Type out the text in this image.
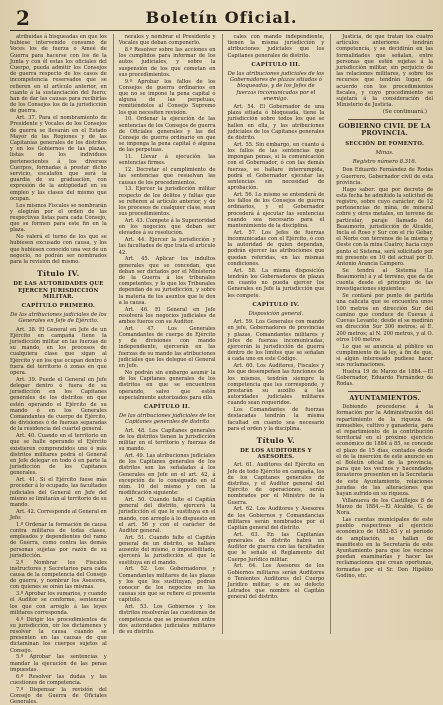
2	Boletín Oficial.

atribuidas á bisqueadas en que los hubiese intervenido consumo de Voces los de fuerza ó Ameé de Guerra para hacerse con los de la Junta y con él estas los oficiales del Cuerpo, pueda admitir los Consejos de guerra respecto de los casos de incompetencia reservados que se refieren en el artículo anterior, en cuanto á la sustanciación del fuero; han de dar las causas para recibirlas de los Consejos los de la jurisdicción de guerra.

Art. 37. Para el nombramiento de Presidente y Vocales de los Consejos de guerra se llevarán en el Estado Mayor de las Regiones y de las Capitanías generales de los distritos y en los Gobiernos de las plazas, listas de los individuos pertenecientes á los diversos Cuerpos, formadas á prestar dicho servicio, escalafón que será la guardia de su graduación, con expresión de la antigüedad en su empleo y las clases del mismo que ocupan.

Los mismos Fiscales se nombrarán y elegirán por el orden de las respectivas listas para cada Consejo, que se formen para este fin en la plaza.

No valerá el turno de los que se hubiesen excusado con causa, y los que hubiesen conocido una vez de un negocio, no podrán ser nombrados para la revisión del mismo.

Título IV.
DE LAS AUTORIDADES QUE EJERCEN JURISDICCIÓN MILITAR.
CAPÍTULO PRIMERO.
De las atribuciones judiciales de los Generales en Jefe de Ejército.

Art. 38. El General en Jefe de un Ejército en campaña tiene la jurisdicción militar en las fuerzas de su mando, en los procesos de cualquiera clase que sigan al Ejército y en los que ocupan dentro ó fuera del territorio ó zonas en que opera.

Art. 39. Puede el General en Jefe delegar dentro ó fuera de su jurisdicción en los Capitanes generales de los distritos en que estén operando el Ejército de su mando ó en los Generales Comandantes de cuerpo de Ejército, de divisiones ó de fuerzas separadas de la residencia del cuartel general.

Art. 40. Cuando en el territorio en que se halle operando el Ejército existieren comprendidos uno ó más distritos militares podrá el General en Jefe delegar en todo ó en parte la jurisdicción de los Capitanes generales.

Art. 41. Si el Ejército fuese más proceder á lo ocupado, las facultades judiciales del General en Jefe del mismo se limitarán al territorio de su mando.

Art. 42. Corresponde al General en Jefe:

1.º Ordenar la formación de causa contra militares de todas clases, empleados y dependientes del ramo de Guerra, como contra las demás personas sujetas por razón de su jurisdicción.

2.º Nombrar los Fiscales instructores y Secretarios para cada causa de la competencia del Consejo de guerra, y nombrar los Asesores, con quienes se oirán las mismas.

3.º Aprobar los sumarios, y cuando el Auditor se conforme, sentenciar los que con arreglo á las leyes militares corresponda.

4.º Dirigir los procedimientos de su jurisdicción, oír los dictámenes y resolver la causa cuando se presenten en las causas de que dictaminan los cuerpos sujetos al Consejo.

5.º Aprobar las sentencias y mandar la ejecución de las penas impuestas.

6.º Resolver las dudas y las cuestiones de competencia.

7.º Dispensar la revisión del Consejo de Guerra de Oficiales Generales.

nerales y nombrar el Presidente y Vocales que deban componerlo.

8.º Resolver sobre las acciones en los cumplidos para informar de los autos judiciales, y sobre la suspensión de los que cometan en sus procedimientos.

9.º Aprobar los fallos de los Consejos de guerra ordinarios en que no se impone la pena capital ó alguna de las perpetuas, remitiéndolos al Consejo Supremo los que necesiten revisión.

10. Ordenar la ejecución de las sentencias de los Consejos de guerra de Oficiales generales y las del Consejo de guerra ordinario en que se imponga la pena capital ó alguna de las perpetuas.

11. Llevar á ejecución las sentencias firmes.

12. Decretar el cumplimiento de las sentencias que resuelvan las causas de los procedimientos.

13. Ejercer la jurisdicción militar respecto de los delitos y faltas que se refieren al artículo anterior, y de los procesos de cualquier clase, sean sus procedimientos.

Art. 43. Compete á la Superioridad en los negocios que deban ser elevados á su resolución.

Art. 44. Ejercer la jurisdicción y las facultades de que trata el artículo 42.

Art. 45. Aplicar los indultos generales que se concedan, que deban ser dictados por el Ministerio de la Guerra á los tribunales competentes, y lo que los Tribunales dependan de su jurisdicción, y sobre la materia de los asuntos que le den a la causa.

Art. 46. El General en Jefe resolverá los negocios judiciales de ambos fueros con su Auditor.

Art. 47. Los Generales Comandantes de cuerpo de Ejército y de divisiones con mando independiente, ejercerán en las fuerzas de su mando las atribuciones judiciales que les delegue el General en Jefe.

No podrán sin embargo asumir la de los Capitanes generales de los distritos en que se encuentren operando, salvo que estén especialmente autorizados para ello.

CAPÍTULO II.
De las atribuciones judiciales de los Capitanes generales de distrito

Art. 48. Los Capitanes generales de los distritos tienen la jurisdicción militar en el territorio y fuerzas de su mando.

Art. 49. Las atribuciones judiciales de los Capitanes generales de los distritos son las señaladas á los Generales en Jefe en el art. 42, á excepción de lo consignado en el núm. 10 del mismo y con la modificación siguiente:

Art. 50. Cuando falte el Capitán general del distrito, ejercerá la jurisdicción el que le sustituya en el mando, con arreglo á lo dispuesto en el art. 56 y con el carácter de Auditor general.

Art. 51. Cuando falte el Capitán general de un distrito, se hallare ausente del mismo, o imposibilitado, ejercerá la jurisdicción el que le sustituya en el mando.

Art. 52. Los Gobernadores y Comandantes militares de las plazas y los que los sustituyan, podrán conocer de los negocios en las causas sin que se refiere el presente capítulo.

Art. 53. Los Gobiernos y los distritos resolverán las cuestiones de competencia que se presenten entre dos autoridades judiciales militares de su distrito.

cales con mando independiente, tienen la misma jurisdicción y atribuciones judiciales que los Capitanes generales de distrito.

CAPÍTULO III.
De las atribuciones judiciales de los Gobernadores de plazas sitiadas ó bloqueadas, y de los Jefes de fuerzas incomunicadas por el enemigo.

Art. 54. El Gobernador de una plaza sitiada ó bloqueada, tiene la jurisdicción sobre todos los que se hallen en ella, y las atribuciones judiciales de los Capitanes generales de distrito.

Art. 55. Sin embargo, en cuanto á los fallos de las sentencias que impongan penas, si la comunicación con el Gobernador, ó con las demás fuerzas, se hallare interrumpida, podrá el Gobernador ejecutar las sentencias sin necesidad de aprobación.

Art. 56. Lo mismo se entenderá de los fallos de los Consejos de guerra ordinarios, y el Gobernador procederá á ejecutar las sentencias cuando sea necesario para el mantenimiento de la disciplina.

Art. 57. Los Jefes de fuerzas incomunicadas con el Ejército, ó con la autoridad de quien dependan, podrán ejercer las atribuciones que quedan referidas, en las mismas condiciones.

Art. 58. La misma disposición tendrán los Gobernadores de plazas en cuanto no pueda ejercer los Generales en Jefe la jurisdicción que les compete.

CAPÍTULO IV.
Disposición general.

Art. 59. Los Generales con mando en jefe, Gobernadores de provincias y plazas, Comandantes militares y Jefes de fuerzas incomunicadas, ejercerán la jurisdicción de guerra dentro de los límites que se señalan á cada uno en este Código.

Art. 60. Los Auditores, Fiscales y los que desempeñen las funciones de los mismos, tendrán siempre la competencia que les corresponde, y prestarán su auxilio á las autoridades judiciales militares cuando sean requeridos.

Los Comandantes de fuerzas destacadas tendrán la misma facultad en cuanto sea necesario para el orden y la disciplina.

Título V.
DE LOS AUDITORES Y ASESORES.

Art. 61. Auditores del Ejército en Jefe de todo Ejército en campaña, los de los Capitanes generales de distritos, y el Auditor general del Ejército de operaciones, serán nombrados por el Ministro de la Guerra.

Art. 62. Los Auditores y Asesores de los Gobiernos y Comandancias militares serán nombrados por el Capitán general del distrito.

Art. 63. En las Capitanías generales de distrito habrá un Auditor de guerra con las facultades que le señale el Reglamento del Cuerpo Jurídico militar.

Art. 64. Los Asesores de los Gobiernos militares serán Auditores ó Tenientes Auditores del Cuerpo Jurídico militar, o en su defecto Letrados que nombre el Capitán general del distrito.

Justicia, de que tratan los cuatro artículos anteriores tendrán competencia, y se decidirán en las formalidades que señalan, entre personas que estén sujetas á la jurisdicción militar, sin perjuicio de las relaciones militares, y sobre los recursos que tendrán lugar, de acuerdo con los procedimientos fiscales, y cuyo procedimiento se sujetará á la consideración del Ministerio de Justicia.

(Se continuará.)
GOBIERNO CIVIL DE LA PROVINCIA.
SECCIÓN DE FOMENTO.
Minas.
Registro número 8.316.

Don Eduardo Fernández de Rodas y Guerrero, Gobernador civil de esta provincia.

Hago saber: que por decreto de esta fecha he admitido la solicitud de registro, sobre cuyo carácter, de 12 pertenencias de mina, de mineral cobre y otros metales, en terreno de particular, paraje llamado del Beaumorín, jurisdicción de Alcalde, Incla el Roso y Sur con el río Gébar, el Norte con terrenos de la misma y Oeste con la mina Cuatro; hacia cuyo punto el Sistema, será solicitado por mi presente en 10 del actual por D. Antonio Arancia Campero.

Se tendrá al Sistema (La Beaumorín) á y al terreno, que da de cuenta desde el principio de las investigaciones siguientes:

Se contará por punto de partida una calicata que se encuentra unos 100 metros en dirección Sur del camino que conduce de Cuevas á Cuevas Levante; desde el se medirán en dirección Sur 300 metros; al E. 200 metros; al N. 200 metros, y al O. otros 100 metros.

Lo que se anuncia al público en cumplimiento de la ley, á fin de que, si algún interesado pudiese hacer sus reclamaciones.

Huelva 19 de Marzo de 1884.—El Gobernador, Eduardo Fernández de Rodas.

AYUNTAMIENTOS.

Debiendo procederse á la formación por la Administración del repartimiento de la riqueza de inmuebles, cultivo y ganadería, para el repartimiento de la contribución territorial en el próximo ejercicio económico de 1884 á 85, se concede el plazo de 15 días, contados desde el de la inserción de este anuncio en el Boletín oficial de la provincia, para que los vecinos y hacendados forasteros presenten en la Secretaría de este Ayuntamiento, relaciones juradas de las alteraciones que hayan sufrido en su riqueza.

Villanueva de los Castillejos 8 de Marzo de 1884.—El Alcalde, G. de Nora.

Las cuentas municipales de este pueblo respectivas al ejercicio económico de 1882-83 y el periodo de ampliación, se hallan de manifiesto en la Secretaría de este Ayuntamiento para que los vecinos puedan examinarlas y hacer las reclamaciones que crean oportunas, formadas por el Sr. Don Hipólito Godino, etc.
